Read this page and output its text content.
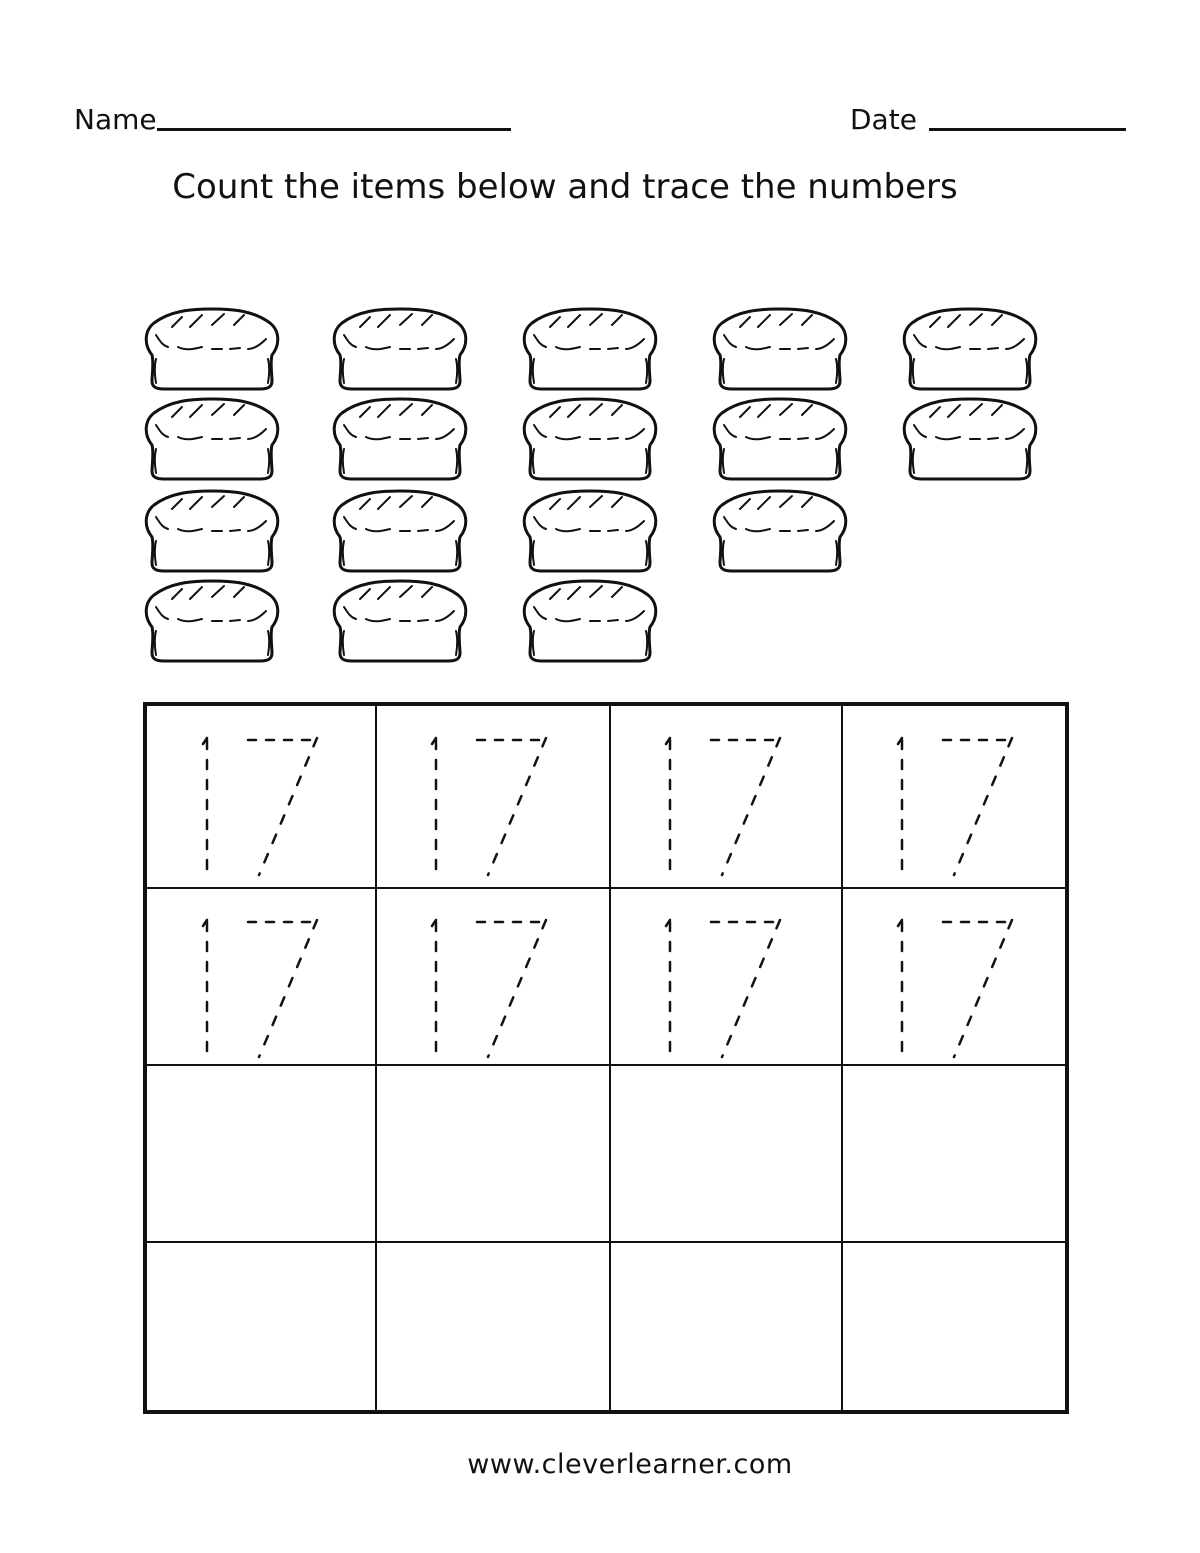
Name	Date
Count the items below and trace the numbers
www.cleverlearner.com
